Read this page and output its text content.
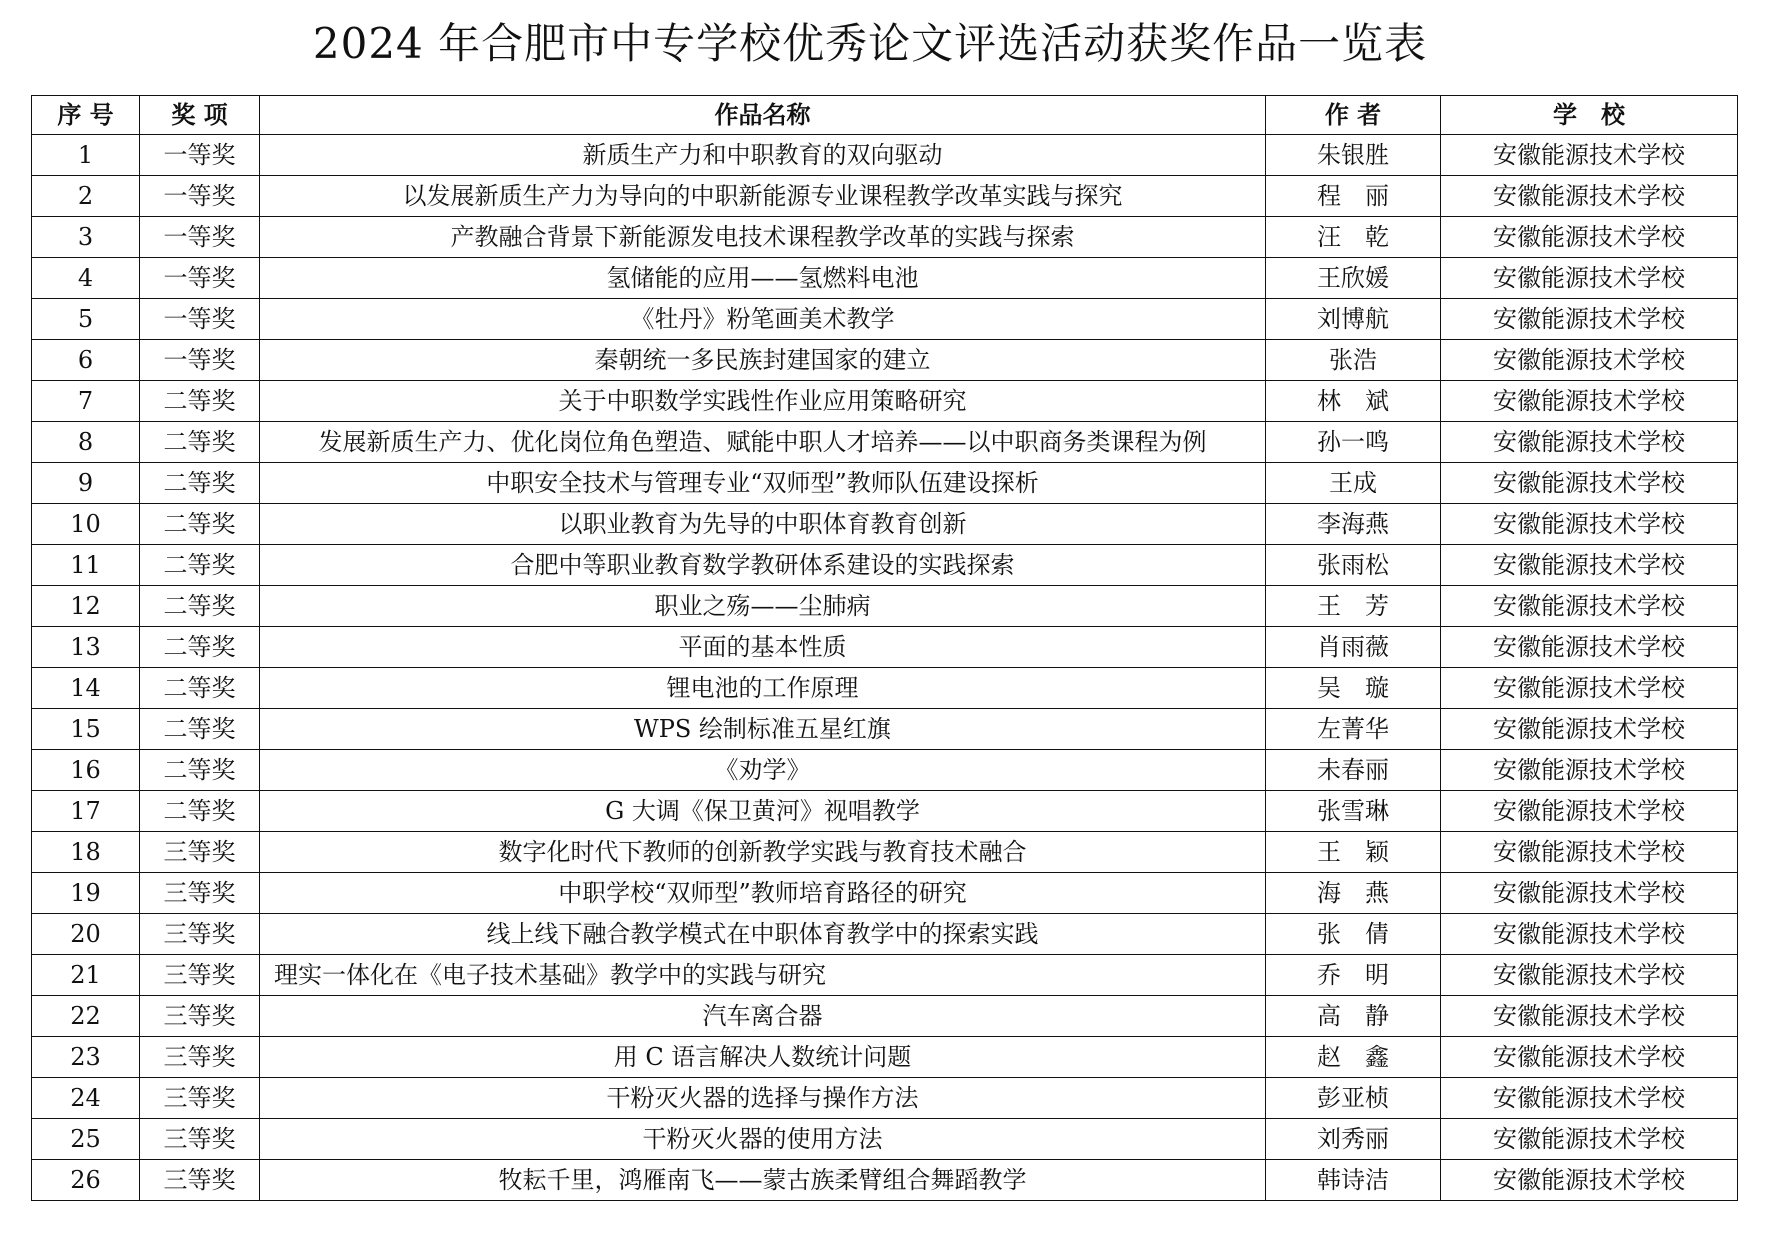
2024 年合肥市中专学校优秀论文评选活动获奖作品一览表
序 号	奖 项	作品名称	作 者	学　校
1	一等奖	新质生产力和中职教育的双向驱动	朱银胜	安徽能源技术学校
2	一等奖	以发展新质生产力为导向的中职新能源专业课程教学改革实践与探究	程　丽	安徽能源技术学校
3	一等奖	产教融合背景下新能源发电技术课程教学改革的实践与探索	汪　乾	安徽能源技术学校
4	一等奖	氢储能的应用——氢燃料电池	王欣媛	安徽能源技术学校
5	一等奖	《牡丹》粉笔画美术教学	刘博航	安徽能源技术学校
6	一等奖	秦朝统一多民族封建国家的建立	张浩	安徽能源技术学校
7	二等奖	关于中职数学实践性作业应用策略研究	林　斌	安徽能源技术学校
8	二等奖	发展新质生产力、优化岗位角色塑造、赋能中职人才培养——以中职商务类课程为例	孙一鸣	安徽能源技术学校
9	二等奖	中职安全技术与管理专业“双师型”教师队伍建设探析	王成	安徽能源技术学校
10	二等奖	以职业教育为先导的中职体育教育创新	李海燕	安徽能源技术学校
11	二等奖	合肥中等职业教育数学教研体系建设的实践探索	张雨松	安徽能源技术学校
12	二等奖	职业之殇——尘肺病	王　芳	安徽能源技术学校
13	二等奖	平面的基本性质	肖雨薇	安徽能源技术学校
14	二等奖	锂电池的工作原理	吴　璇	安徽能源技术学校
15	二等奖	WPS 绘制标准五星红旗	左菁华	安徽能源技术学校
16	二等奖	《劝学》	未春丽	安徽能源技术学校
17	二等奖	G 大调《保卫黄河》视唱教学	张雪琳	安徽能源技术学校
18	三等奖	数字化时代下教师的创新教学实践与教育技术融合	王　颖	安徽能源技术学校
19	三等奖	中职学校“双师型”教师培育路径的研究	海　燕	安徽能源技术学校
20	三等奖	线上线下融合教学模式在中职体育教学中的探索实践	张　倩	安徽能源技术学校
21	三等奖	理实一体化在《电子技术基础》教学中的实践与研究	乔　明	安徽能源技术学校
22	三等奖	汽车离合器	高　静	安徽能源技术学校
23	三等奖	用 C 语言解决人数统计问题	赵　鑫	安徽能源技术学校
24	三等奖	干粉灭火器的选择与操作方法	彭亚桢	安徽能源技术学校
25	三等奖	干粉灭火器的使用方法	刘秀丽	安徽能源技术学校
26	三等奖	牧耘千里，鸿雁南飞——蒙古族柔臂组合舞蹈教学	韩诗洁	安徽能源技术学校
